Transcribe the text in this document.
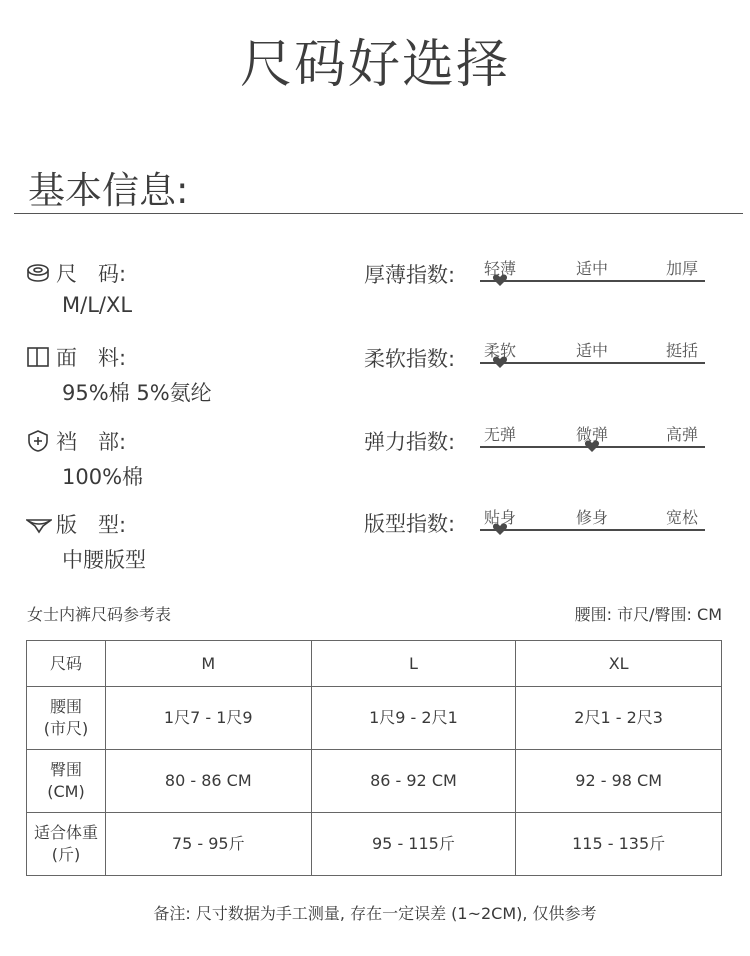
尺码好选择
基本信息:
尺　码:
M/L/XL
面　料:
95%棉 5%氨纶
裆　部:
100%棉
版　型:
中腰版型
厚薄指数: 轻薄	适中	加厚
柔软指数: 柔软	适中	挺括
弹力指数: 无弹	微弹	高弹
版型指数: 贴身	修身	宽松
女士内裤尺码参考表	腰围: 市尺/臀围: CM
尺码	M	L	XL
腰围
(市尺)	1尺7 - 1尺9	1尺9 - 2尺1	2尺1 - 2尺3
臀围
(CM)	80 - 86 CM	86 - 92 CM	92 - 98 CM
适合体重
(斤)	75 - 95斤	95 - 115斤	115 - 135斤
备注: 尺寸数据为手工测量, 存在一定误差 (1~2CM), 仅供参考
